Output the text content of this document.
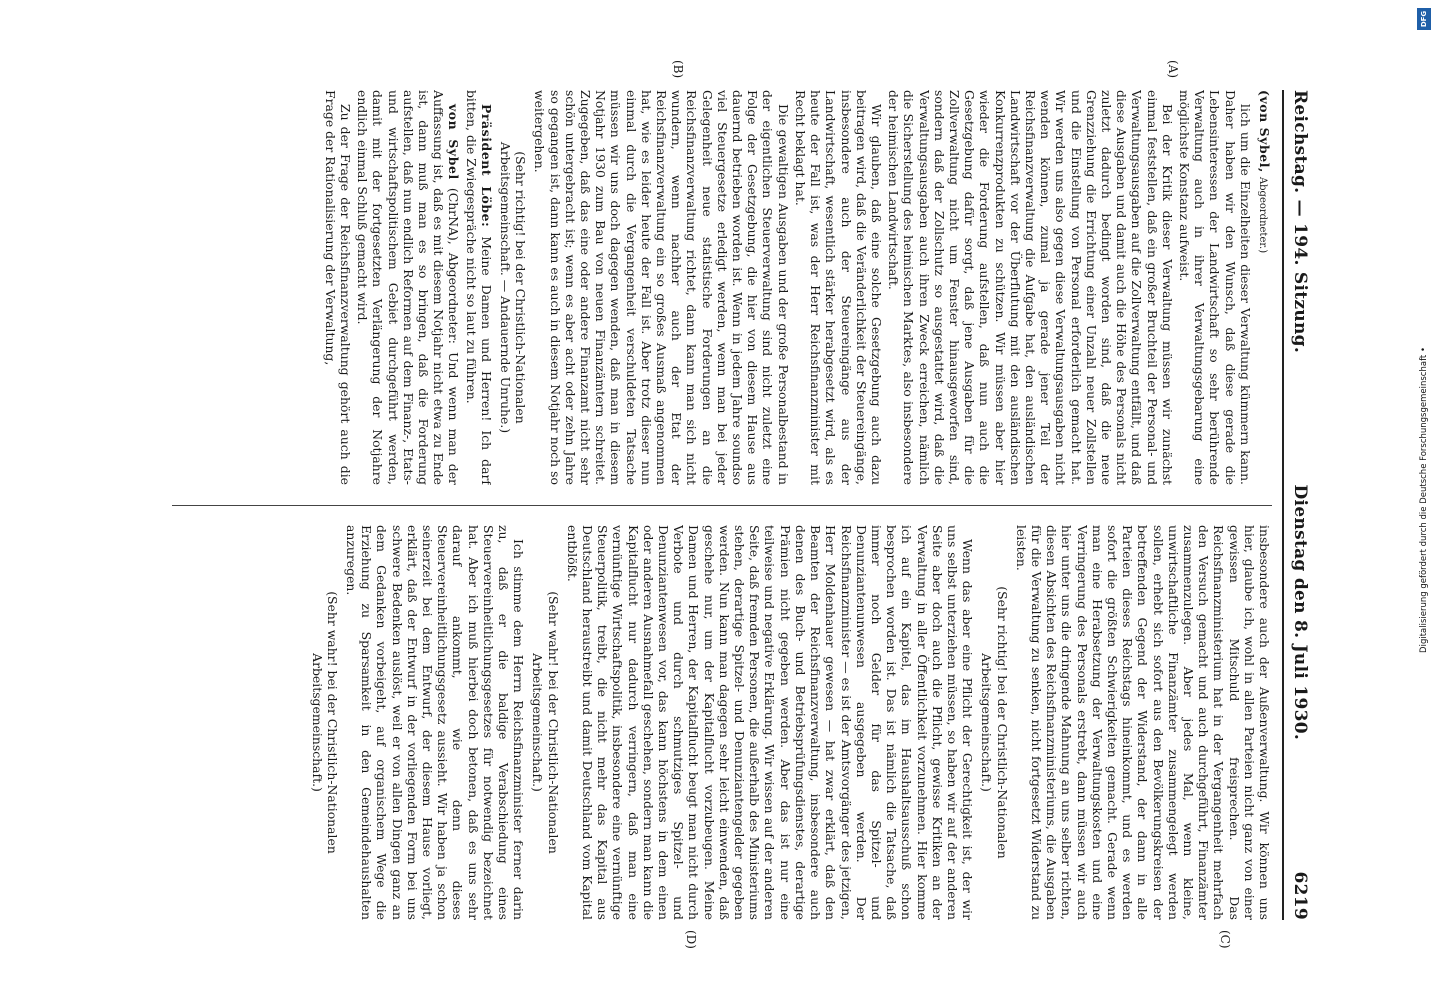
Reichstag. — 194. Sitzung.
Dienstag den 8. Juli 1930.
6219
(A)
(B)
(C)
(D)

(von Sybel, Abgeordneter.)

lich um die Einzelheiten dieser Verwaltung kümmern kann. Daher haben wir den Wunsch, daß diese gerade die Lebensinteressen der Landwirtschaft so sehr berührende Verwaltung auch in ihrer Verwaltungsgebarung eine möglichste Konstanz aufweist.

Bei der Kritik dieser Verwaltung müssen wir zunächst einmal feststellen, daß ein großer Bruchteil der Personal- und Verwaltungsausgaben auf die Zollverwaltung entfällt, und daß diese Ausgaben und damit auch die Höhe des Personals nicht zuletzt dadurch bedingt worden sind, daß die neue Grenzziehung die Errichtung einer Unzahl neuer Zollstellen und die Einstellung von Personal erforderlich gemacht hat. Wir werden uns also gegen diese Verwaltungsausgaben nicht wenden können, zumal ja gerade jener Teil der Reichsfinanzverwaltung die Aufgabe hat, den ausländischen Landwirtschaft vor der Überflutung mit den ausländischen Konkurrenzprodukten zu schützen. Wir müssen aber hier wieder die Forderung aufstellen, daß nun auch die Gesetzgebung dafür sorgt, daß jene Ausgaben für die Zollverwaltung nicht um Fenster hinausgeworfen sind, sondern daß der Zollschutz so ausgestattet wird, daß die Verwaltungsausgaben auch ihren Zweck erreichen, nämlich die Sicherstellung des heimischen Marktes, also insbesondere der heimischen Landwirtschaft.

Wir glauben, daß eine solche Gesetzgebung auch dazu beitragen wird, daß die Veränderlichkeit der Steuereingänge, insbesondere auch der Steuereingänge aus der Landwirtschaft, wesentlich stärker herabgesetzt wird, als es heute der Fall ist, was der Herr Reichsfinanzminister mit Recht beklagt hat.

Die gewaltigen Ausgaben und der große Personalbestand in der eigentlichen Steuerverwaltung sind nicht zuletzt eine Folge der Gesetzgebung, die hier von diesem Hause aus dauernd betrieben worden ist. Wenn in jedem Jahre soundso viel Steuergesetze erledigt werden, wenn man bei jeder Gelegenheit neue statistische Forderungen an die Reichsfinanzverwaltung richtet, dann kann man sich nicht wundern, wenn nachher auch der Etat der Reichsfinanzverwaltung ein so großes Ausmaß angenommen hat, wie es leider heute der Fall ist. Aber trotz dieser nun einmal durch die Vergangenheit verschuldeten Tatsache müssen wir uns doch dagegen wenden, daß man in diesem Notjahr 1930 zum Bau von neuen Finanzämtern schreitet. Zugegeben, daß das eine oder andere Finanzamt nicht sehr schön untergebracht ist; wenn es aber acht oder zehn Jahre so gegangen ist, dann kann es auch in diesem Notjahr noch so weitergehen.

(Sehr richtig! bei der Christlich-Nationalen Arbeitsgemeinschaft. — Andauernde Unruhe.)

Präsident Löbe: Meine Damen und Herren! Ich darf bitten, die Zwiegespräche nicht so laut zu führen.

von Sybel (ChrNA), Abgeordneter: Und wenn man der Auffassung ist, daß es mit diesem Notjahr nicht etwa zu Ende ist, dann muß man es so bringen, daß die Forderung aufstellen, daß nun endlich Reformen auf dem Finanz-, Etats- und wirtschaftspolitischem Gebiet durchgeführt werden, damit mit der fortgesetzten Verlängerung der Notjahre endlich einmal Schluß gemacht wird.

Zu der Frage der Reichsfinanzverwaltung gehört auch die Frage der Rationalisierung der Verwaltung,

insbesondere auch der Außenverwaltung. Wir können uns hier, glaube ich, wohl in allen Parteien nicht ganz von einer gewissen Mitschuld freisprechen. Das Reichsfinanzministerium hat in der Vergangenheit mehrfach den Versuch gemacht und auch durchgeführt, Finanzämter zusammenzulegen. Aber jedes Mal, wenn kleine, unwirtschaftliche Finanzämter zusammengelegt werden sollen, erhebt sich sofort aus den Bevölkerungskreisen der betreffenden Gegend der Widerstand, der dann in alle Parteien dieses Reichstags hineinkommt, und es werden sofort die größten Schwierigkeiten gemacht. Gerade wenn man eine Herabsetzung der Verwaltungskosten und eine Verringerung des Personals erstrebt, dann müssen wir auch hier unter uns die dringende Mahnung an uns selber richten, diesen Absichten des Reichsfinanzministeriums, die Ausgaben für die Verwaltung zu senken, nicht fortgesetzt Widerstand zu leisten.

(Sehr richtig! bei der Christlich-Nationalen Arbeitsgemeinschaft.)

Wenn das aber eine Pflicht der Gerechtigkeit ist, der wir uns selbst unterziehen müssen, so haben wir auf der anderen Seite aber doch auch die Pflicht, gewisse Kritiken an der Verwaltung in aller Öffentlichkeit vorzunehmen. Hier komme ich auf ein Kapitel, das im Haushaltsausschuß schon besprochen worden ist. Das ist nämlich die Tatsache, daß immer noch Gelder für das Spitzel- und Denunziantenunwesen ausgegeben werden. Der Reichsfinanzminister — es ist der Amtsvorgänger des jetzigen, Herr Moldenhauer gewesen — hat zwar erklärt, daß den Beamten der Reichsfinanzverwaltung, insbesondere auch denen des Buch- und Betriebsprüfungsdienstes, derartige Prämien nicht gegeben werden. Aber das ist nur eine teilweise und negative Erklärung. Wir wissen auf der anderen Seite, daß fremden Personen, die außerhalb des Ministeriums stehen, derartige Spitzel- und Denunziantengelder gegeben werden. Nun kann man dagegen sehr leicht einwenden, daß geschehe nur, um der Kapitalflucht vorzubeugen. Meine Damen und Herren, der Kapitalflucht beugt man nicht durch Verbote und durch schmutziges Spitzel- und Denunziantenwesen vor, das kann höchstens in dem einen oder anderen Ausnahmefall geschehen, sondern man kann die Kapitalflucht nur dadurch verringern, daß man eine vernünftige Wirtschaftspolitik, insbesondere eine vernünftige Steuerpolitik, treibt, die nicht mehr das Kapital aus Deutschland heraustreibt und damit Deutschland vom Kapital entblößt.

(Sehr wahr! bei der Christlich-Nationalen Arbeitsgemeinschaft.)

Ich stimme dem Herrn Reichsfinanzminister ferner darin zu, daß er die baldige Verabschiedung eines Steuervereinheitlichungsgesetzes für notwendig bezeichnet hat. Aber ich muß hierbei doch betonen, daß es uns sehr darauf ankommt, wie denn dieses Steuervereinheitlichungsgesetz aussieht. Wir haben ja schon seinerzeit bei dem Entwurf, der diesem Hause vorliegt, erklärt, daß der Entwurf in der vorliegenden Form bei uns schwere Bedenken auslöst, weil er von allen Dingen ganz an dem Gedanken vorbeigeht, auf organischem Wege die Erziehung zu Sparsamkeit in den Gemeindehaushalten anzuregen.

(Sehr wahr! bei der Christlich-Nationalen Arbeitsgemeinschaft.)

Digitalisierung gefördert durch die Deutsche Forschungsgemeinschaft •
DFG
